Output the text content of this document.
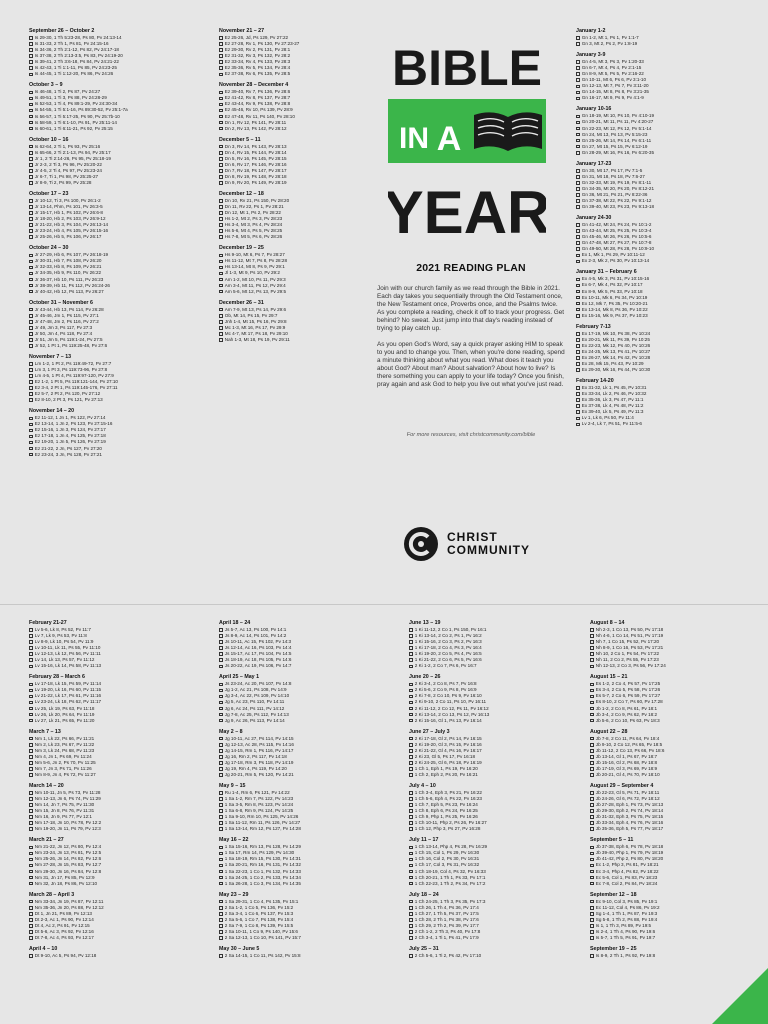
September 26 – October 2
Is 29-30, 1 Th 5:23-28, Ps 80, Pv 24:13-14
Is 31-33, 2 Th 1, Ps 81, Pv 24:15-16
Is 34-36, 2 Th 2:1-12, Ps 82, Pv 24:17-18
Is 37-38, 2 Th 2:13-3:5, Ps 83, Pv 24:19-20
Is 39-41, 2 Th 3:6-18, Ps 84, Pv 24:21-22
Is 42-43, 1 Ti 1:1-11, Ps 85, Pv 24:23-25
Is 44-45, 1 Ti 1:12-20, Ps 86, Pv 24:26
October 3 – 9
Is 46-48, 1 Ti 2, Ps 87, Pv 24:27
Is 49-51, 1 Ti 3, Ps 88, Pv 24:28-29
Is 52-53, 1 Ti 4, Ps 89:1-29, Pv 24:30-34
Is 54-55, 1 Ti 5:1-16, Ps 89:30-52, Pv 25:1-7a
Is 56-57, 1 Ti 5:17-25, Ps 90, Pv 25:7b-10
Is 58-59, 1 Ti 6:1-10, Ps 91, Pv 25:11-14
Is 60-61, 1 Ti 6:11-21, Ps 92, Pv 25:15
October 10 – 16
Is 62-64, 2 Ti 1, Ps 93, Pv 25:16
Is 65-66, 2 Ti 2:1-13, Ps 94, Pv 25:17
Jr 1, 2 Ti 2:14-26, Ps 95, Pv 25:18-19
Jr 2-3, 2 Ti 3, Ps 96, Pv 25:20-22
Jr 4-5, 2 Ti 4, Ps 97, Pv 25:23-24
Jr 6-7, Ti 1, Ps 98, Pv 25:25-27
Jr 8-9, Ti 2, Ps 99, Pv 25:28
October 17 – 23
Jr 10-12, Ti 3, Ps 100, Pv 26:1-2
Jr 13-14, Phm, Ps 101, Pv 26:3-5
Jr 15-17, Hb 1, Ps 102, Pv 26:6-8
Jr 18-20, Hb 2, Ps 103, Pv 26:9-12
Jr 21-22, Hb 3, Ps 104, Pv 26:13-14
Jr 23-24, Hb 4, Ps 105, Pv 26:15-16
Jr 25-26, Hb 5, Ps 106, Pv 26:17
October 24 – 30
Jr 27-29, Hb 6, Ps 107, Pv 26:18-19
Jr 30-31, Hb 7, Ps 108, Pv 26:20
Jr 32-33, Hb 8, Ps 109, Pv 26:21
Jr 34-35, Hb 9, Ps 110, Pv 26:22
Jr 36-37, Hb 10, Ps 111, Pv 26:23
Jr 38-39, Hb 11, Ps 112, Pv 26:24-26
Jr 40-42, Hb 12, Ps 113, Pv 26:27
October 31 – November 6
Jr 43-44, Hb 13, Ps 114, Pv 26:28
Jr 45-46, Jm 1, Ps 115, Pv 27:1
Jr 47-48, Jm 2, Ps 116, Pv 27:2
Jr 49, Jm 3, Ps 117, Pv 27:3
Jr 50, Jm 4, Ps 118, Pv 27:4
Jr 51, Jm 5, Ps 119:1-24, Pv 27:5
Jr 52, 1 Pt 1, Ps 119:25-48, Pv 27:6
November 7 – 13
Lm 1-2, 1 Pt 2, Ps 119:49-72, Pv 27:7
Lm 3, 1 Pt 3, Ps 119:73-96, Pv 27:8
Lm 4-5, 1 Pt 4, Ps 119:97-120, Pv 27:9
Ez 1-2, 1 Pt 5, Ps 119:121-144, Pv 27:10
Ez 3-4, 2 Pt 1, Ps 119:145-176, Pv 27:11
Ez 5-7, 2 Pt 2, Ps 120, Pv 27:12
Ez 8-10, 2 Pt 3, Ps 121, Pv 27:13
November 14 – 20
Ez 11-12, 1 Jn 1, Ps 122, Pv 27:14
Ez 13-14, 1 Jn 2, Ps 123, Pv 27:15-16
Ez 15-16, 1 Jn 3, Ps 124, Pv 27:17
Ez 17-18, 1 Jn 4, Ps 125, Pv 27:18
Ez 19-20, 1 Jn 5, Ps 126, Pv 27:19
Ez 21-22, 2 Jn, Ps 127, Pv 27:20
Ez 23-24, 3 Jn, Ps 128, Pv 27:21
November 21 – 27
Ez 25-26, Jd, Ps 129, Pv 27:22
Ez 27-28, Rv 1, Ps 130, Pv 27:23-27
Ez 29-30, Rv 2, Ps 131, Pv 28:1
Ez 31-32, Rv 3, Ps 132, Pv 28:2
Ez 33-34, Rv 4, Ps 133, Pv 28:3
Ez 35-36, Rv 5, Ps 134, Pv 28:4
Ez 37-38, Rv 6, Ps 135, Pv 28:5
November 28 – December 4
Ez 39-40, Rv 7, Ps 136, Pv 28:6
Ez 41-42, Rv 8, Ps 137, Pv 28:7
Ez 43-44, Rv 9, Ps 138, Pv 28:8
Ez 45-46, Rv 10, Ps 139, Pv 28:9
Ez 47-48, Rv 11, Ps 140, Pv 28:10
Dn 1, Rv 12, Ps 141, Pv 28:11
Dn 2, Rv 13, Ps 142, Pv 28:12
December 5 – 11
Dn 3, Rv 14, Ps 143, Pv 28:13
Dn 4, Rv 15, Ps 144, Pv 28:14
Dn 5, Rv 16, Ps 145, Pv 28:15
Dn 6, Rv 17, Ps 146, Pv 28:16
Dn 7, Rv 18, Ps 147, Pv 28:17
Dn 8, Rv 19, Ps 148, Pv 28:18
Dn 9, Rv 20, Ps 149, Pv 28:19
December 12 – 18
Dn 10, Rv 21, Ps 150, Pv 28:20
Dn 11, Rv 22, Ps 1, Pv 28:21
Dn 12, Mt 1, Ps 2, Pv 28:22
Hs 1-2, Mt 2, Ps 3, Pv 28:23
Hs 3-4, Mt 3, Ps 4, Pv 28:24
Hs 5-6, Mt 4, Ps 5, Pv 28:25
Hs 7-8, Mt 5, Ps 6, Pv 28:26
December 19 – 25
Hs 9-10, Mt 6, Ps 7, Pv 28:27
Hs 11-12, Mt 7, Ps 8, Pv 28:28
Hs 13-14, Mt 8, Ps 9, Pv 29:1
Jl 1-3, Mt 9, Ps 10, Pv 29:2
Am 1-2, Mt 10, Ps 11, Pv 29:3
Am 3-4, Mt 11, Ps 12, Pv 29:4
Am 5-6, Mt 12, Ps 13, Pv 29:5
December 26 – 31
Am 7-9, Mt 13, Ps 14, Pv 29:6
Ob, Mt 14, Ps 15, Pv 29:7
Jnh 1-4, Mt 15, Ps 16, Pv 29:8
Mc 1-3, Mt 16, Ps 17, Pv 29:9
Mc 4-7, Mt 17, Ps 18, Pv 29:10
Nah 1-3, Mt 18, Ps 19, Pv 29:11
January 1-2
Gn 1-2, Mt 1, Ps 1, Pv 1:1-7
Gn 3, Mt 2, Ps 2, Pv 1:8-19
January 3-9
Gn 4-5, Mt 3, Ps 3, Pv 1:20-33
Gn 6-7, Mt 4, Ps 4, Pv 2:1-15
Gn 8-9, Mt 5, Ps 5, Pv 2:16-22
Gn 10-11, Mt 6, Ps 6, Pv 3:1-10
Gn 12-13, Mt 7, Ps 7, Pv 3:11-20
Gn 14-15, Mt 8, Ps 8, Pv 3:21-35
Gn 16-17, Mt 9, Ps 9, Pv 4:1-9
January 10-16
Gn 18-19, Mt 10, Ps 10, Pv 4:10-19
Gn 20-21, Mt 11, Ps 11, Pv 4:20-27
Gn 22-23, Mt 12, Ps 12, Pv 5:1-14
Gn 24, Mt 13, Ps 13, Pv 5:15-23
Gn 25-26, Mt 14, Ps 14, Pv 6:1-11
Gn 27, Mt 15, Ps 15, Pv 6:12-19
Gn 28-29, Mt 16, Ps 16, Pv 6:20-35
January 17-23
Gn 30, Mt 17, Ps 17, Pv 7:1-5
Gn 31, Mt 18, Ps 18, Pv 7:6-27
Gn 32-33, Mt 19, Ps 19, Pv 8:1-11
Gn 34-35, Mt 20, Ps 20, Pv 8:12-21
Gn 36, Mt 21, Ps 21, Pv 8:22-36
Gn 37-38, Mt 22, Ps 22, Pv 9:1-12
Gn 39-40, Mt 23, Ps 23, Pv 9:13-18
January 24-30
Gn 41-42, Mt 24, Ps 24, Pv 10:1-2
Gn 43-44, Mt 25, Ps 25, Pv 10:3-4
Gn 45-46, Mt 26, Ps 26, Pv 10:5-6
Gn 47-48, Mt 27, Ps 27, Pv 10:7-8
Gn 49-50, Mt 28, Ps 28, Pv 10:9-10
Ex 1, Mk 1, Ps 29, Pv 10:11-12
Ex 2-3, Mk 2, Ps 30, Pv 10:13-14
January 31 – February 6
Ex 4-5, Mk 3, Ps 31, Pv 10:15-16
Ex 6-7, Mk 4, Ps 32, Pv 10:17
Ex 8-9, Mk 5, Ps 33, Pv 10:18
Ex 10-11, Mk 6, Ps 34, Pv 10:19
Ex 12, Mk 7, Ps 35, Pv 10:20-21
Ex 13-14, Mk 8, Ps 36, Pv 10:22
Ex 15-16, Mk 9, Ps 37, Pv 10:23
February 7-13
Ex 17-19, Mk 10, Ps 38, Pv 10:24
Ex 20-21, Mk 11, Ps 39, Pv 10:25
Ex 22-23, Mk 12, Ps 40, Pv 10:26
Ex 24-25, Mk 13, Ps 41, Pv 10:27
Ex 26-27, Mk 14, Ps 42, Pv 10:28
Ex 28, Mk 15, Ps 43, Pv 10:29
Ex 29-30, Mk 16, Ps 44, Pv 10:30
February 14-20
Ex 31-32, Lk 1, Ps 45, Pv 10:31
Ex 33-34, Lk 2, Ps 46, Pv 10:32
Ex 35-36, Lk 3, Ps 47, Pv 11:1
Ex 37-38, Lk 4, Ps 48, Pv 11:2
Ex 39-40, Lk 5, Ps 49, Pv 11:3
Lv 1, Lk 6, Ps 50, Pv 11:4
Lv 2-4, Lk 7, Ps 51, Pv 11:5-6
February 21-27
Lv 5-6, Lk 8, Ps 52, Pv 11:7
Lv 7, Lk 9, Ps 53, Pv 11:8
Lv 8-9, Lk 10, Ps 54, Pv 11:9
Lv 10-11, Lk 11, Ps 55, Pv 11:10
Lv 12-13, Lk 12, Ps 56, Pv 11:11
Lv 14, Lk 13, Ps 57, Pv 11:12
Lv 15-16, Lk 14, Ps 58, Pv 11:13
February 28 – March 6
Lv 17-18, Lk 15, Ps 59, Pv 11:14
Lv 19-20, Lk 16, Ps 60, Pv 11:15
Lv 21-22, Lk 17, Ps 61, Pv 11:16
Lv 23-24, Lk 18, Ps 62, Pv 11:17
Lv 25, Lk 19, Ps 63, Pv 11:18
Lv 26, Lk 20, Ps 64, Pv 11:19
Lv 27, Lk 21, Ps 65, Pv 11:20
March 7 – 13
Nm 1, Lk 22, Ps 66, Pv 11:21
Nm 2, Lk 23, Ps 67, Pv 11:22
Nm 3, Lk 24, Ps 68, Pv 11:23
Nm 4, Jn 1, Ps 69, Pv 11:24
Nm 5-6, Jn 2, Ps 70, Pv 11:25
Nm 7, Jn 3, Ps 71, Pv 11:26
Nm 8-9, Jn 4, Ps 72, Pv 11:27
March 14 – 20
Nm 10-11, Jn 5, Ps 73, Pv 11:28
Nm 12-13, Jn 6, Ps 74, Pv 11:29
Nm 14, Jn 7, Ps 75, Pv 11:30
Nm 15, Jn 8, Ps 76, Pv 11:31
Nm 16, Jn 9, Ps 77, Pv 12:1
Nm 17-18, Jn 10, Ps 78, Pv 12:2
Nm 19-20, Jn 11, Ps 79, Pv 12:3
March 21 – 27
Nm 21-22, Jn 12, Ps 80, Pv 12:4
Nm 23-24, Jn 13, Ps 81, Pv 12:5
Nm 25-26, Jn 14, Ps 82, Pv 12:6
Nm 27-28, Jn 15, Ps 83, Pv 12:7
Nm 29-30, Jn 16, Ps 84, Pv 12:8
Nm 31, Jn 17, Ps 85, Pv 12:9
Nm 32, Jn 18, Ps 86, Pv 12:10
March 28 – April 3
Nm 33-34, Jn 19, Ps 87, Pv 12:11
Nm 35-36, Jn 20, Ps 88, Pv 12:12
Dt 1, Jn 21, Ps 89, Pv 12:13
Dt 2-3, Ac 1, Ps 90, Pv 12:14
Dt 4, Ac 2, Ps 91, Pv 12:15
Dt 5-6, Ac 3, Ps 92, Pv 12:16
Dt 7-8, Ac 4, Ps 93, Pv 12:17
April 4 – 10
Dt 9-10, Ac 5, Ps 94, Pv 12:18
April 18 – 24
Js 5-7, Ac 13, Ps 100, Pv 14:1
Js 8-9, Ac 14, Ps 101, Pv 14:2
Js 10-11, Ac 15, Ps 102, Pv 14:3
Js 12-14, Ac 16, Ps 103, Pv 14:4
Js 15-17, Ac 17, Ps 104, Pv 14:5
Js 18-19, Ac 18, Ps 105, Pv 14:6
Js 20-22, Ac 19, Ps 106, Pv 14:7
April 25 – May 1
Js 23-24, Ac 20, Ps 107, Pv 14:8
Jg 1-2, Ac 21, Ps 108, Pv 14:9
Jg 3-4, Ac 22, Ps 109, Pv 14:10
Jg 5, Ac 23, Ps 110, Pv 14:11
Jg 6, Ac 24, Ps 111, Pv 14:12
Jg 7-8, Ac 25, Ps 112, Pv 14:13
Jg 9, Ac 26, Ps 113, Pv 14:14
May 2 – 8
Jg 10-11, Ac 27, Ps 114, Pv 14:15
Jg 12-13, Ac 28, Ps 115, Pv 14:16
Jg 14-15, Rm 1, Ps 116, Pv 14:17
Jg 16, Rm 2, Ps 117, Pv 14:18
Jg 17-18, Rm 3, Ps 118, Pv 14:19
Jg 19, Rm 4, Ps 119, Pv 14:20
Jg 20-21, Rm 5, Ps 120, Pv 14:21
May 9 – 15
Ru 1-4, Rm 6, Ps 121, Pv 14:22
1 Sa 1-2, Rm 7, Ps 122, Pv 14:23
1 Sa 3-5, Rm 8, Ps 123, Pv 14:24
1 Sa 6-8, Rm 9, Ps 124, Pv 14:25
1 Sa 9-10, Rm 10, Ps 125, Pv 14:26
1 Sa 11-12, Rm 11, Ps 126, Pv 14:27
1 Sa 13-14, Rm 12, Ps 127, Pv 14:28
May 16 – 22
1 Sa 15-16, Rm 13, Ps 128, Pv 14:29
1 Sa 17, Rm 14, Ps 129, Pv 14:30
1 Sa 18-19, Rm 15, Ps 130, Pv 14:31
1 Sa 20-21, Rm 16, Ps 131, Pv 14:32
1 Sa 22-23, 1 Co 1, Ps 132, Pv 14:33
1 Sa 24-25, 1 Co 2, Ps 133, Pv 14:34
1 Sa 26-28, 1 Co 3, Ps 134, Pv 14:35
May 23 – 29
1 Sa 29-31, 1 Co 4, Ps 135, Pv 15:1
2 Sa 1-2, 1 Co 5, Ps 136, Pv 15:2
2 Sa 3-4, 1 Co 6, Ps 137, Pv 15:3
2 Sa 5-6, 1 Co 7, Ps 138, Pv 15:4
2 Sa 7-9, 1 Co 8, Ps 139, Pv 15:5
2 Sa 10-11, 1 Co 9, Ps 140, Pv 15:6
2 Sa 12-13, 1 Co 10, Ps 141, Pv 15:7
May 30 – June 5
2 Sa 14-15, 1 Co 11, Ps 142, Pv 15:8
June 13 – 19
1 Ki 11-12, 2 Co 1, Ps 150, Pv 16:1
1 Ki 13-14, 2 Co 2, Ps 1, Pv 16:2
1 Ki 15-16, 2 Co 3, Ps 2, Pv 16:3
1 Ki 17-18, 2 Co 4, Ps 3, Pv 16:4
1 Ki 19-20, 2 Co 5, Ps 4, Pv 16:5
1 Ki 21-22, 2 Co 6, Ps 5, Pv 16:6
2 Ki 1-2, 2 Co 7, Ps 6, Pv 16:7
June 20 – 26
2 Ki 3-4, 2 Co 8, Ps 7, Pv 16:8
2 Ki 5-6, 2 Co 9, Ps 8, Pv 16:9
2 Ki 7-8, 2 Co 10, Ps 9, Pv 16:10
2 Ki 9-10, 2 Co 11, Ps 10, Pv 16:11
2 Ki 11-12, 2 Co 12, Ps 11, Pv 16:12
2 Ki 13-14, 2 Co 13, Ps 12, Pv 16:13
2 Ki 15-16, Gl 1, Ps 13, Pv 16:14
June 27 – July 3
2 Ki 17-18, Gl 2, Ps 14, Pv 16:15
2 Ki 19-20, Gl 3, Ps 15, Pv 16:16
2 Ki 21-22, Gl 4, Ps 16, Pv 16:17
2 Ki 23, Gl 5, Ps 17, Pv 16:18
2 Ki 24-25, Gl 6, Ps 18, Pv 16:19
1 Ch 1, Eph 1, Ps 19, Pv 16:20
1 Ch 2, Eph 2, Ps 20, Pv 16:21
July 4 – 10
1 Ch 3-4, Eph 3, Ps 21, Pv 16:22
1 Ch 5-6, Eph 4, Ps 22, Pv 16:23
1 Ch 7, Eph 5, Ps 23, Pv 16:24
1 Ch 8, Eph 6, Ps 24, Pv 16:25
1 Ch 9, Php 1, Ps 25, Pv 16:26
1 Ch 10-11, Php 2, Ps 26, Pv 16:27
1 Ch 12, Php 3, Ps 27, Pv 16:28
July 11 – 17
1 Ch 13-14, Php 4, Ps 28, Pv 16:29
1 Ch 15, Col 1, Ps 29, Pv 16:30
1 Ch 16, Col 2, Ps 30, Pv 16:31
1 Ch 17, Col 3, Ps 31, Pv 16:32
1 Ch 18-19, Col 4, Ps 32, Pv 16:33
1 Ch 20-21, 1 Th 1, Ps 33, Pv 17:1
1 Ch 22-23, 1 Th 2, Ps 34, Pv 17:2
July 18 – 24
1 Ch 24-25, 1 Th 3, Ps 35, Pv 17:3
1 Ch 26, 1 Th 4, Ps 36, Pv 17:4
1 Ch 27, 1 Th 5, Ps 37, Pv 17:5
1 Ch 28, 2 Th 1, Ps 38, Pv 17:6
1 Ch 29, 2 Th 2, Ps 39, Pv 17:7
2 Ch 1-2, 2 Th 3, Ps 40, Pv 17:8
2 Ch 3-4, 1 Ti 1, Ps 41, Pv 17:9
July 25 – 31
2 Ch 5-6, 1 Ti 2, Ps 42, Pv 17:10
August 8 – 14
Nh 2-3, 1 Co 13, Ps 50, Pv 17:18
Nh 4-6, 1 Co 14, Ps 51, Pv 17:19
Nh 7, 1 Co 15, Ps 52, Pv 17:20
Nh 8-9, 1 Co 16, Ps 53, Pv 17:21
Nh 10, 2 Co 1, Ps 54, Pv 17:22
Nh 11, 2 Co 2, Ps 55, Pv 17:23
Nh 12-13, 2 Co 3, Ps 56, Pv 17:24
August 15 – 21
Es 1-2, 2 Co 4, Ps 57, Pv 17:25
Es 3-4, 2 Co 5, Ps 58, Pv 17:26
Es 5-7, 2 Co 6, Ps 59, Pv 17:27
Es 8-10, 2 Co 7, Ps 60, Pv 17:28
Jb 1-2, 2 Co 8, Ps 61, Pv 18:1
Jb 3-4, 2 Co 9, Ps 62, Pv 18:2
Jb 5-6, 2 Co 10, Ps 63, Pv 18:3
August 22 – 28
Jb 7-8, 2 Co 11, Ps 64, Pv 18:4
Jb 9-10, 2 Co 12, Ps 65, Pv 18:5
Jb 11-12, 2 Co 13, Ps 66, Pv 18:6
Jb 13-14, Gl 1, Ps 67, Pv 18:7
Jb 15-16, Gl 2, Ps 68, Pv 18:8
Jb 17-19, Gl 3, Ps 69, Pv 18:9
Jb 20-21, Gl 4, Ps 70, Pv 18:10
August 29 – September 4
Jb 22-23, Gl 5, Ps 71, Pv 18:11
Jb 24-26, Gl 6, Ps 72, Pv 18:12
Jb 27-28, Eph 1, Ps 73, Pv 18:13
Jb 29-30, Eph 2, Ps 74, Pv 18:14
Jb 31-32, Eph 3, Ps 75, Pv 18:15
Jb 33-34, Eph 4, Ps 76, Pv 18:16
Jb 35-36, Eph 5, Ps 77, Pv 18:17
September 5 – 11
Jb 37-38, Eph 6, Ps 78, Pv 18:18
Jb 39-40, Php 1, Ps 79, Pv 18:19
Jb 41-42, Php 2, Ps 80, Pv 18:20
Ec 1-2, Php 3, Ps 81, Pv 18:21
Ec 3-4, Php 4, Ps 82, Pv 18:22
Ec 5-6, Col 1, Ps 83, Pv 18:23
Ec 7-8, Col 2, Ps 84, Pv 18:24
September 12 – 18
Ec 9-10, Col 3, Ps 85, Pv 19:1
Ec 11-12, Col 4, Ps 86, Pv 19:2
Sg 1-4, 1 Th 1, Ps 87, Pv 19:3
Sg 5-8, 1 Th 2, Ps 88, Pv 19:4
Is 1, 1 Th 3, Ps 89, Pv 19:5
Is 2-4, 1 Th 4, Ps 90, Pv 19:6
Is 5-7, 1 Th 5, Ps 91, Pv 19:7
September 19 – 25
Is 8-9, 2 Th 1, Ps 92, Pv 19:8
BIBLE
IN A
YEAR
2021 READING PLAN

Join with our church family as we read through the Bible in 2021. Each day takes you sequentially through the Old Testament once, the New Testament once, Proverbs once, and the Psalms twice. As you complete a reading, check it off to track your progress. Get behind? No sweat. Just jump into that day's reading instead of trying to play catch up.

As you open God's Word, say a quick prayer asking HIM to speak to you and to change you. Then, when you're done reading, spend a minute thinking about what you read. What does it teach you about God? About man? About salvation? About how to live? Is there something you can apply to your life today? Once you finish, pray again and ask God to help you live out what you've just read.

For more resources, visit christcommunity.com/bible
CHRIST
COMMUNITY
